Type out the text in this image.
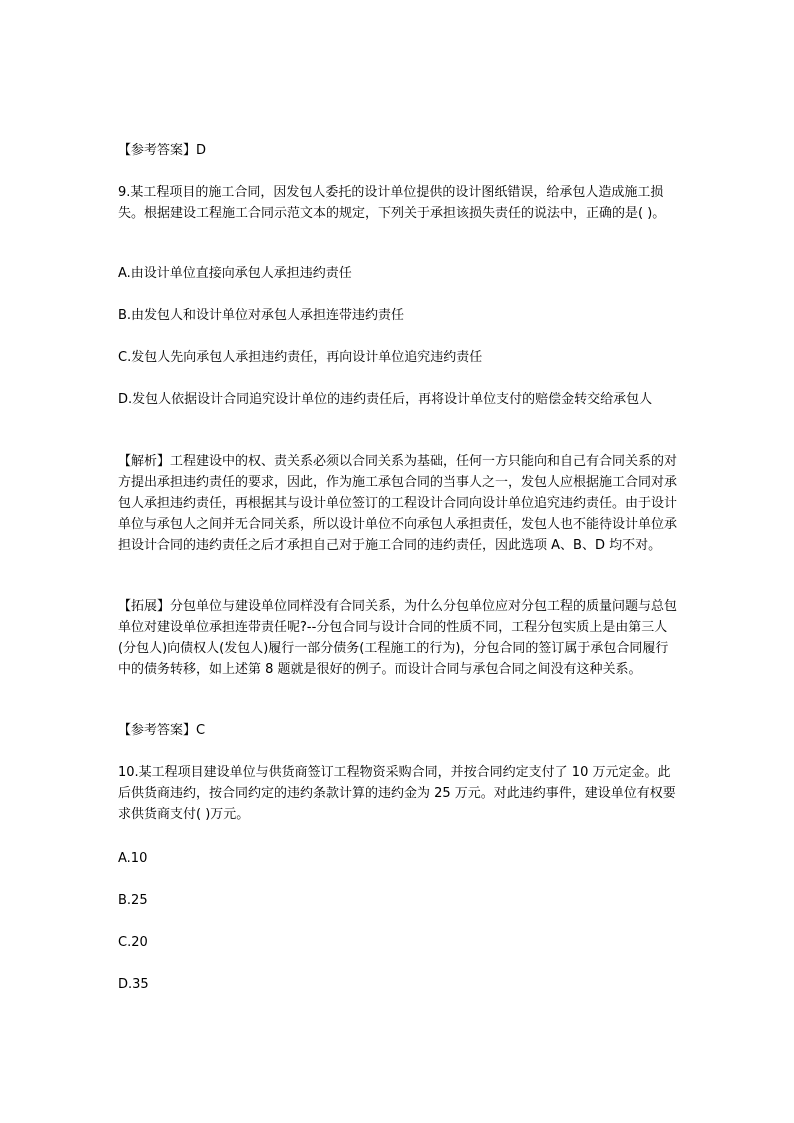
【参考答案】D
9.某工程项目的施工合同，因发包人委托的设计单位提供的设计图纸错误，给承包人造成施工损失。根据建设工程施工合同示范文本的规定，下列关于承担该损失责任的说法中，正确的是( )。
A.由设计单位直接向承包人承担违约责任
B.由发包人和设计单位对承包人承担连带违约责任
C.发包人先向承包人承担违约责任，再向设计单位追究违约责任
D.发包人依据设计合同追究设计单位的违约责任后，再将设计单位支付的赔偿金转交给承包人
【解析】工程建设中的权、责关系必须以合同关系为基础，任何一方只能向和自己有合同关系的对方提出承担违约责任的要求，因此，作为施工承包合同的当事人之一，发包人应根据施工合同对承包人承担违约责任，再根据其与设计单位签订的工程设计合同向设计单位追究违约责任。由于设计单位与承包人之间并无合同关系，所以设计单位不向承包人承担责任，发包人也不能待设计单位承担设计合同的违约责任之后才承担自己对于施工合同的违约责任，因此选项 A、B、D 均不对。
【拓展】分包单位与建设单位同样没有合同关系，为什么分包单位应对分包工程的质量问题与总包单位对建设单位承担连带责任呢?--分包合同与设计合同的性质不同，工程分包实质上是由第三人(分包人)向债权人(发包人)履行一部分债务(工程施工的行为)，分包合同的签订属于承包合同履行中的债务转移，如上述第 8 题就是很好的例子。而设计合同与承包合同之间没有这种关系。
【参考答案】C
10.某工程项目建设单位与供货商签订工程物资采购合同，并按合同约定支付了 10 万元定金。此后供货商违约，按合同约定的违约条款计算的违约金为 25 万元。对此违约事件，建设单位有权要求供货商支付( )万元。
A.10
B.25
C.20
D.35
